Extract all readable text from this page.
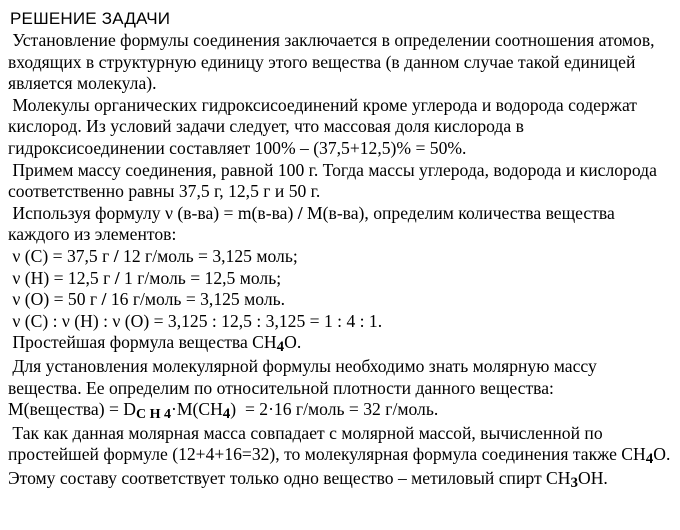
РЕШЕНИЕ ЗАДАЧИ

Установление формулы соединения заключается в определении соотношения атомов, входящих в структурную единицу этого вещества (в данном случае такой единицей является молекула).

Молекулы органических гидроксисоединений кроме углерода и водорода содержат кислород. Из условий задачи следует, что массовая доля кислорода в гидроксисоединении составляет 100% – (37,5+12,5)% = 50%.

Примем массу соединения, равной 100 г. Тогда массы углерода, водорода и кислорода соответственно равны 37,5 г, 12,5 г и 50 г.

Используя формулу ν (в-ва) = m(в-ва) / M(в-ва), определим количества вещества каждого из элементов:

ν (С) = 37,5 г / 12 г/моль = 3,125 моль;

ν (Н) = 12,5 г / 1 г/моль = 12,5 моль;

ν (О) = 50 г / 16 г/моль = 3,125 моль.

ν (С) : ν (Н) : ν (О) = 3,125 : 12,5 : 3,125 = 1 : 4 : 1.

Простейшая формула вещества CH4O.

Для установления молекулярной формулы необходимо знать молярную массу вещества. Ее определим по относительной плотности данного вещества:

M(вещества) = DC H 4·M(CH4)  = 2·16 г/моль = 32 г/моль.

Так как данная молярная масса совпадает с молярной массой, вычисленной по простейшей формуле (12+4+16=32), то молекулярная формула соединения также CH4O.  Этому составу соответствует только одно вещество – метиловый спирт CH3OH.
